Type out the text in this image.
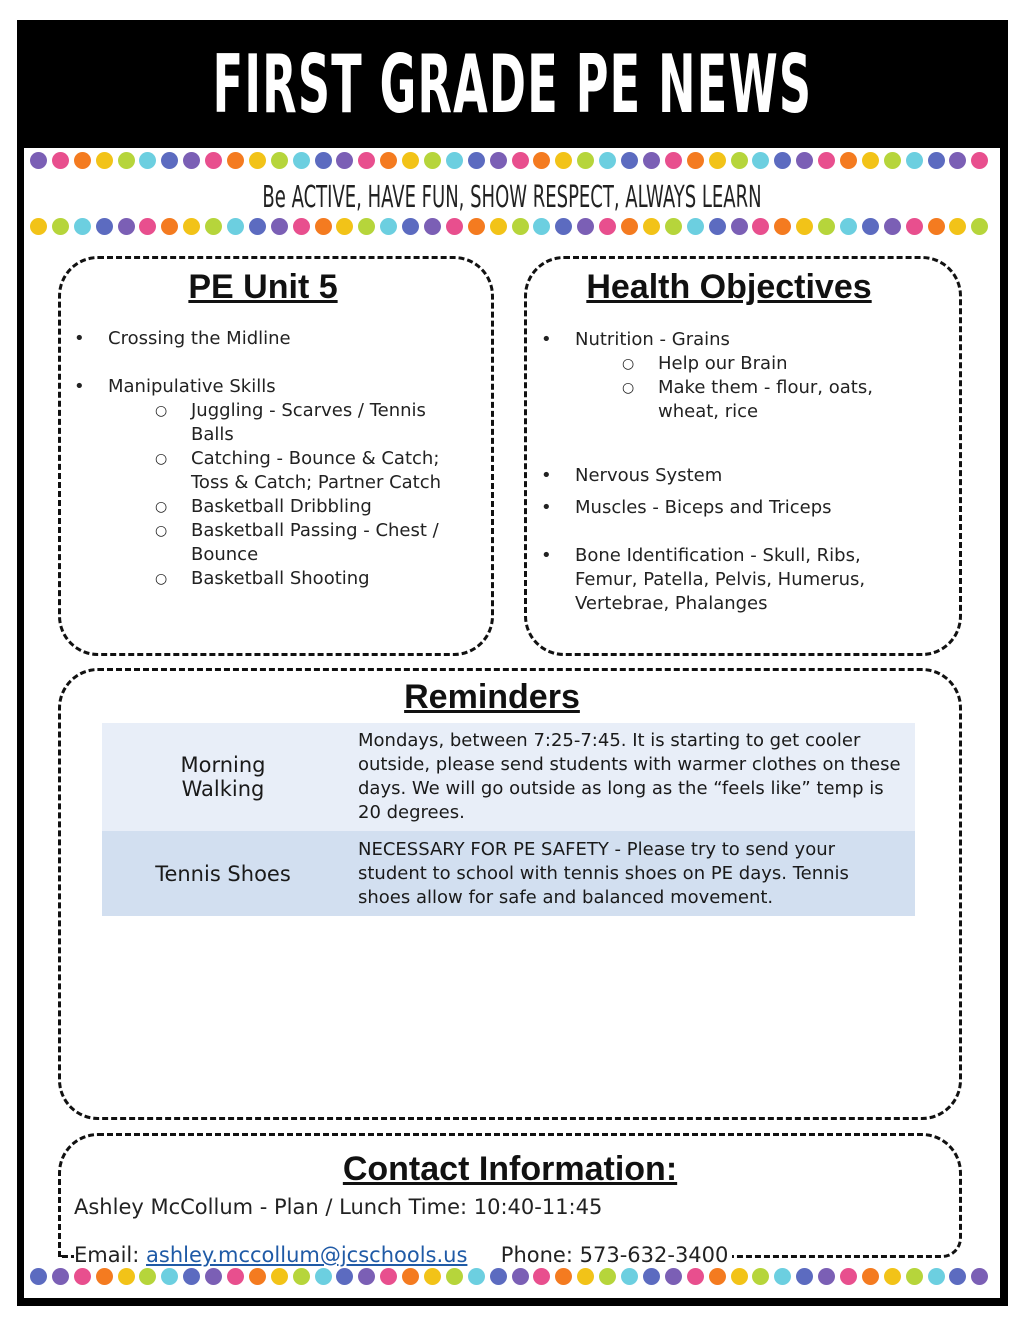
FIRST GRADE PE NEWS
Be ACTIVE, HAVE FUN, SHOW RESPECT, ALWAYS LEARN
PE Unit 5
• Crossing the Midline
• Manipulative Skills
○ Juggling - Scarves / Tennis Balls
○ Catching - Bounce & Catch; Toss & Catch; Partner Catch
○ Basketball Dribbling
○ Basketball Passing - Chest / Bounce
○ Basketball Shooting
Health Objectives
• Nutrition - Grains
○ Help our Brain
○ Make them - flour, oats, wheat, rice
• Nervous System
• Muscles - Biceps and Triceps
• Bone Identification - Skull, Ribs, Femur, Patella, Pelvis, Humerus, Vertebrae, Phalanges
Reminders
Morning Walking	Mondays, between 7:25-7:45. It is starting to get cooler outside, please send students with warmer clothes on these days. We will go outside as long as the “feels like” temp is 20 degrees.
Tennis Shoes	NECESSARY FOR PE SAFETY - Please try to send your student to school with tennis shoes on PE days. Tennis shoes allow for safe and balanced movement.
Contact Information:
Ashley McCollum - Plan / Lunch Time: 10:40-11:45
Email: ashley.mccollum@jcschools.us Phone: 573-632-3400
